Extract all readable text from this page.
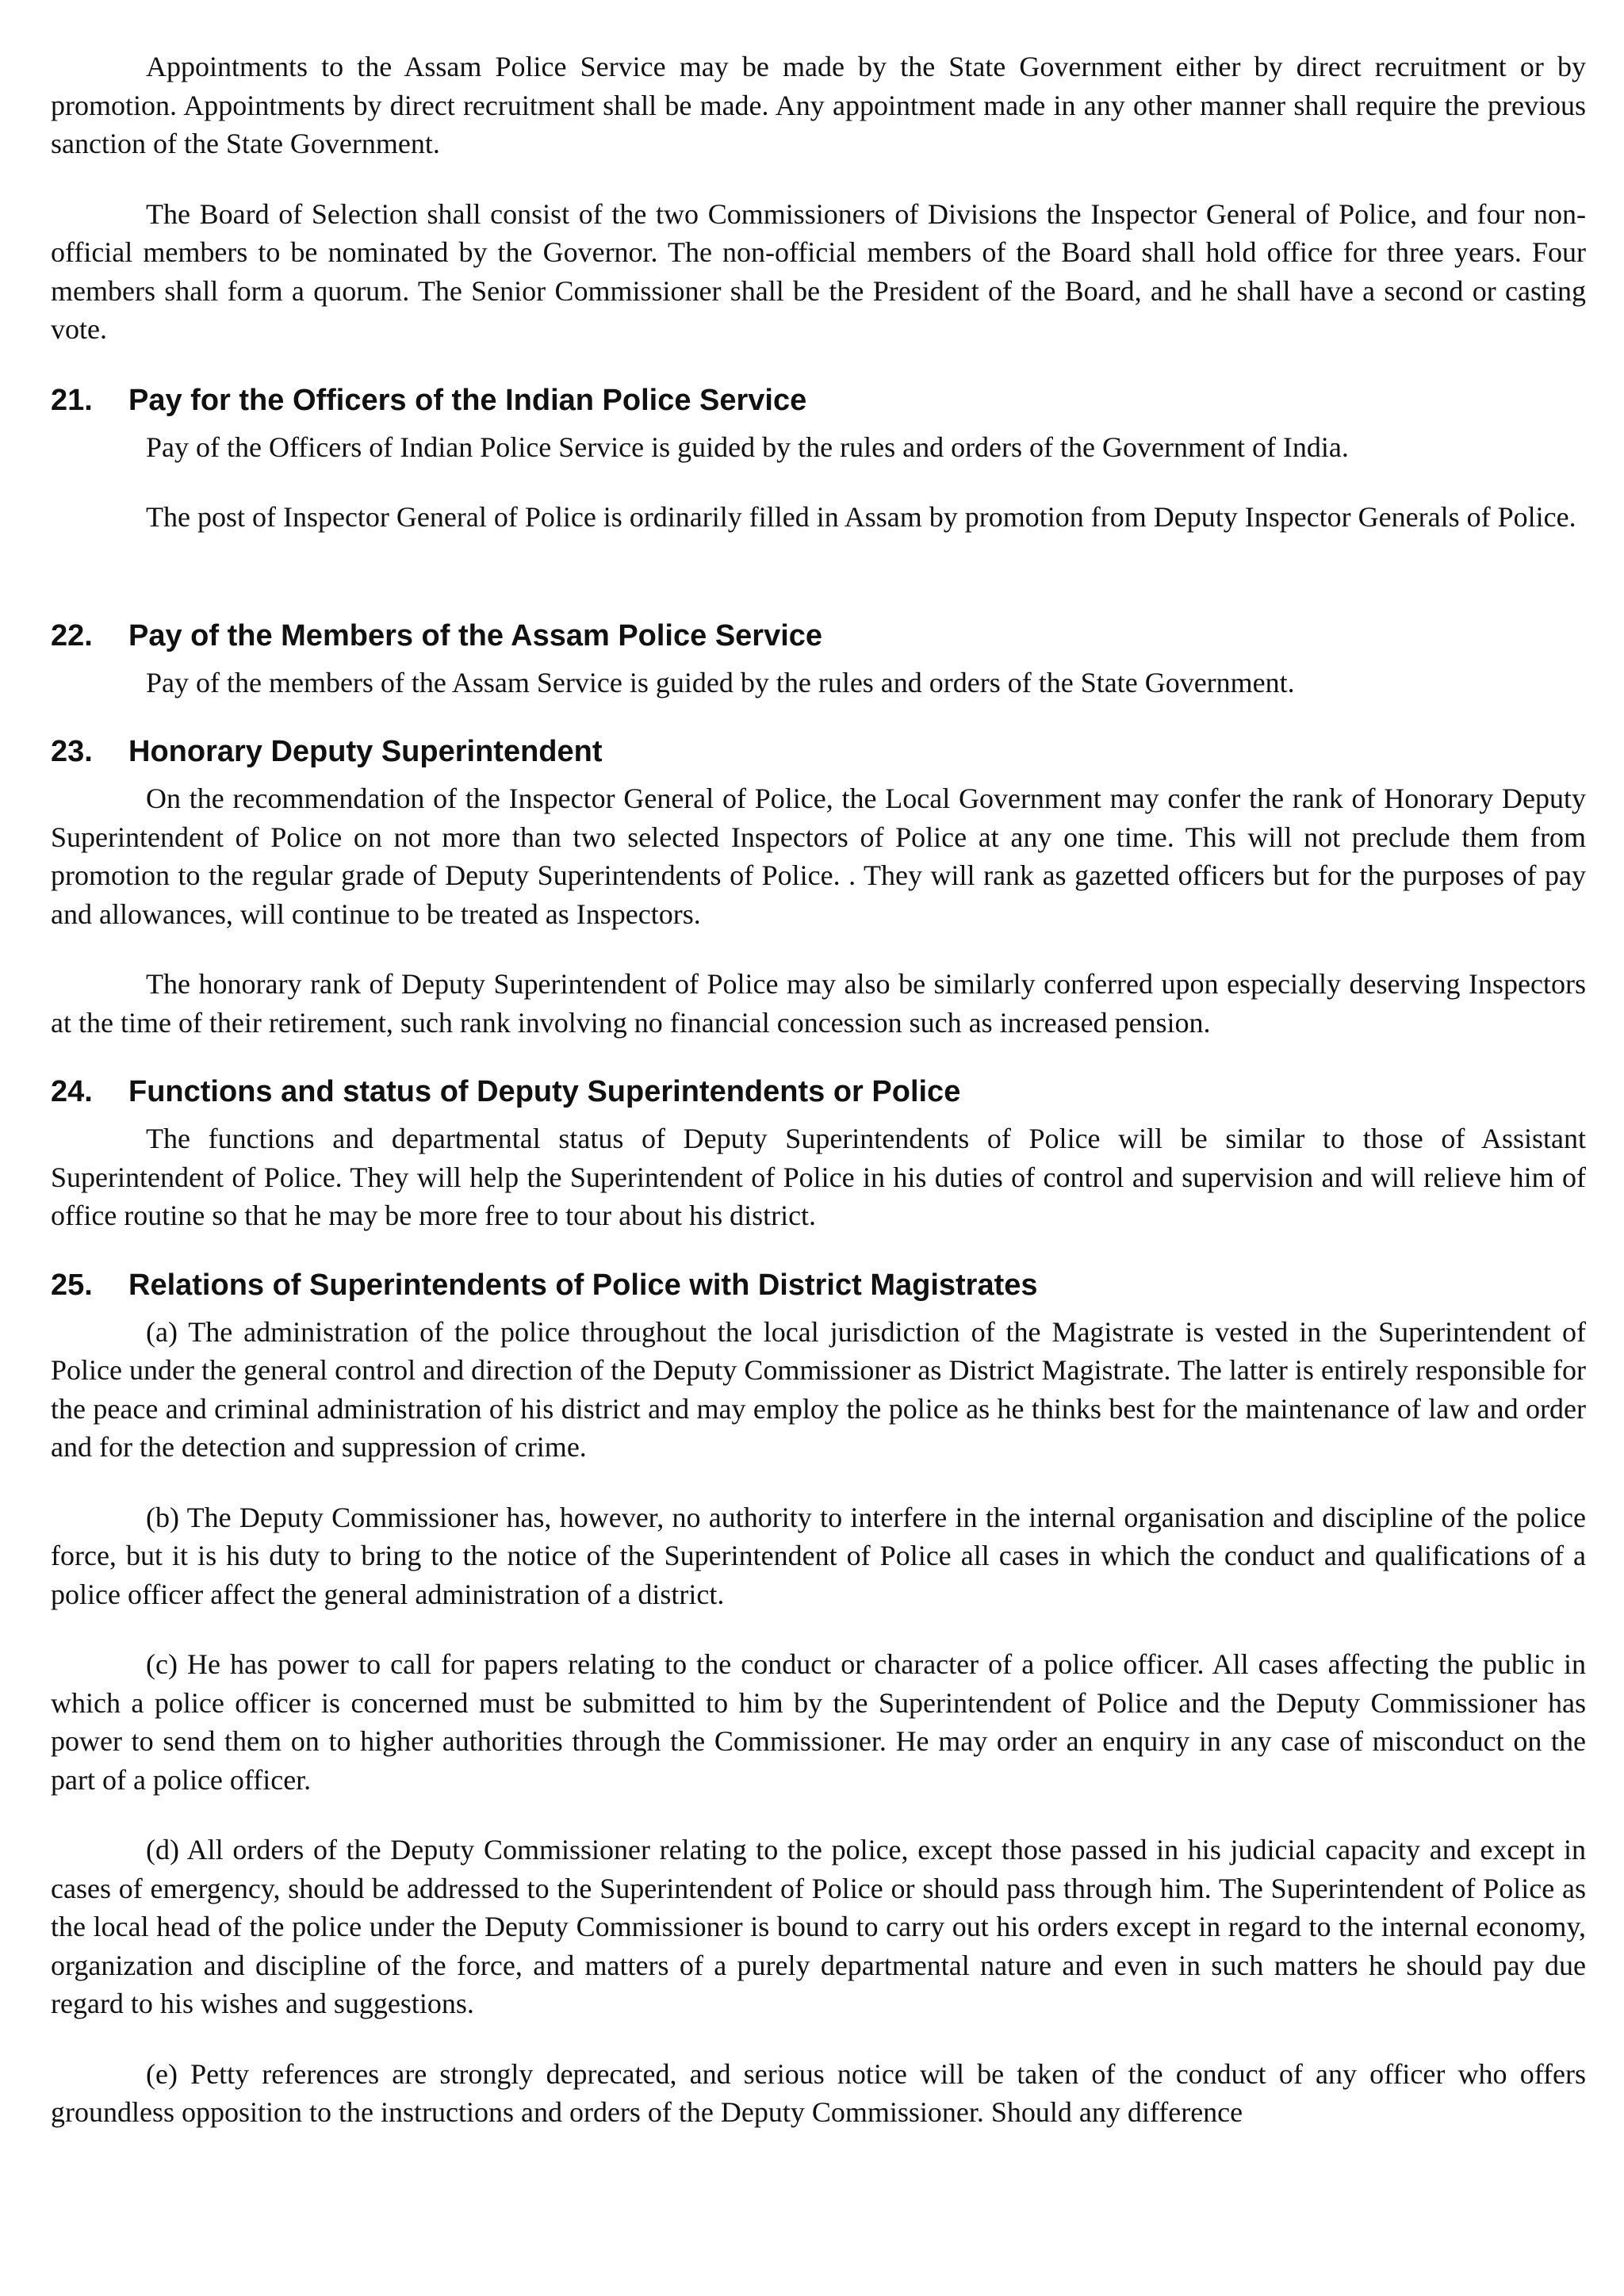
Appointments to the Assam Police Service may be made by the State Government either by direct recruitment or by promotion. Appointments by direct recruitment shall be made. Any appointment made in any other manner shall require the previous sanction of the State Government.

The Board of Selection shall consist of the two Commissioners of Divisions the Inspector General of Police, and four non-official members to be nominated by the Governor. The non-official members of the Board shall hold office for three years. Four members shall form a quorum. The Senior Commissioner shall be the President of the Board, and he shall have a second or casting vote.

21.	Pay for the Officers of the Indian Police Service

Pay of the Officers of Indian Police Service is guided by the rules and orders of the Government of India.

The post of Inspector General of Police is ordinarily filled in Assam by promotion from Deputy Inspector Generals of Police.

22.	Pay of the Members of the Assam Police Service

Pay of the members of the Assam Service is guided by the rules and orders of the State Government.

23.	Honorary Deputy Superintendent

On the recommendation of the Inspector General of Police, the Local Government may confer the rank of Honorary Deputy Superintendent of Police on not more than two selected Inspectors of Police at any one time. This will not preclude them from promotion to the regular grade of Deputy Superintendents of Police. . They will rank as gazetted officers but for the purposes of pay and allowances, will continue to be treated as Inspectors.

The honorary rank of Deputy Superintendent of Police may also be similarly conferred upon especially deserving Inspectors at the time of their retirement, such rank involving no financial concession such as increased pension.

24.	Functions and status of Deputy Superintendents or Police

The functions and departmental status of Deputy Superintendents of Police will be similar to those of Assistant Superintendent of Police. They will help the Superintendent of Police in his duties of control and supervision and will relieve him of office routine so that he may be more free to tour about his district.

25.	Relations of Superintendents of Police with District Magistrates

(a) The administration of the police throughout the local jurisdiction of the Magistrate is vested in the Superintendent of Police under the general control and direction of the Deputy Commissioner as District Magistrate. The latter is entirely responsible for the peace and criminal administration of his district and may employ the police as he thinks best for the maintenance of law and order and for the detection and suppression of crime.

(b) The Deputy Commissioner has, however, no authority to interfere in the internal organisation and discipline of the police force, but it is his duty to bring to the notice of the Superintendent of Police all cases in which the conduct and qualifications of a police officer affect the general administration of a district.

(c) He has power to call for papers relating to the conduct or character of a police officer. All cases affecting the public in which a police officer is concerned must be submitted to him by the Superintendent of Police and the Deputy Commissioner has power to send them on to higher authorities through the Commissioner. He may order an enquiry in any case of misconduct on the part of a police officer.

(d) All orders of the Deputy Commissioner relating to the police, except those passed in his judicial capacity and except in cases of emergency, should be addressed to the Superintendent of Police or should pass through him. The Superintendent of Police as the local head of the police under the Deputy Commissioner is bound to carry out his orders except in regard to the internal economy, organization and discipline of the force, and matters of a purely departmental nature and even in such matters he should pay due regard to his wishes and suggestions.

(e) Petty references are strongly deprecated, and serious notice will be taken of the conduct of any officer who offers groundless opposition to the instructions and orders of the Deputy Commissioner. Should any difference
